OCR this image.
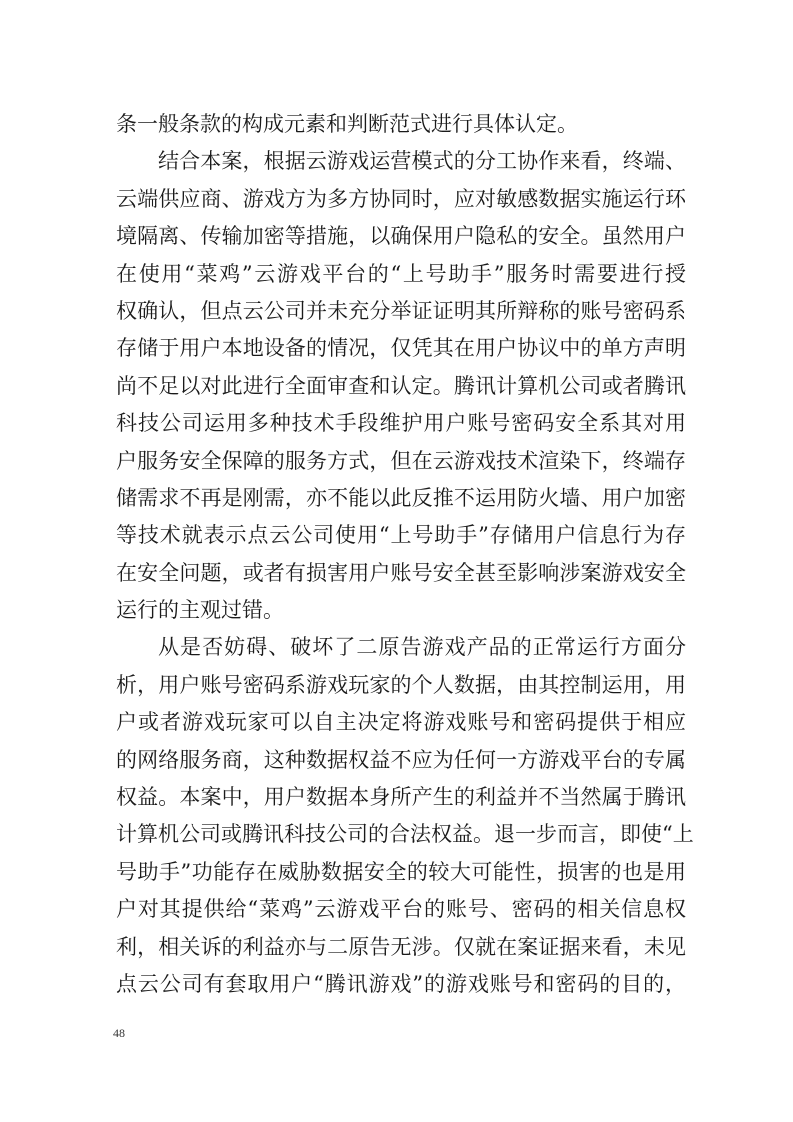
条一般条款的构成元素和判断范式进行具体认定。
结合本案，根据云游戏运营模式的分工协作来看，终端、
云端供应商、游戏方为多方协同时，应对敏感数据实施运行环
境隔离、传输加密等措施，以确保用户隐私的安全。虽然用户
在使用“菜鸡”云游戏平台的“上号助手”服务时需要进行授
权确认，但点云公司并未充分举证证明其所辩称的账号密码系
存储于用户本地设备的情况，仅凭其在用户协议中的单方声明
尚不足以对此进行全面审查和认定。腾讯计算机公司或者腾讯
科技公司运用多种技术手段维护用户账号密码安全系其对用
户服务安全保障的服务方式，但在云游戏技术渲染下，终端存
储需求不再是刚需，亦不能以此反推不运用防火墙、用户加密
等技术就表示点云公司使用“上号助手”存储用户信息行为存
在安全问题，或者有损害用户账号安全甚至影响涉案游戏安全
运行的主观过错。
从是否妨碍、破坏了二原告游戏产品的正常运行方面分
析，用户账号密码系游戏玩家的个人数据，由其控制运用，用
户或者游戏玩家可以自主决定将游戏账号和密码提供于相应
的网络服务商，这种数据权益不应为任何一方游戏平台的专属
权益。本案中，用户数据本身所产生的利益并不当然属于腾讯
计算机公司或腾讯科技公司的合法权益。退一步而言，即使“上
号助手”功能存在威胁数据安全的较大可能性，损害的也是用
户对其提供给“菜鸡”云游戏平台的账号、密码的相关信息权
利，相关诉的利益亦与二原告无涉。仅就在案证据来看，未见
点云公司有套取用户“腾讯游戏”的游戏账号和密码的目的，
48
